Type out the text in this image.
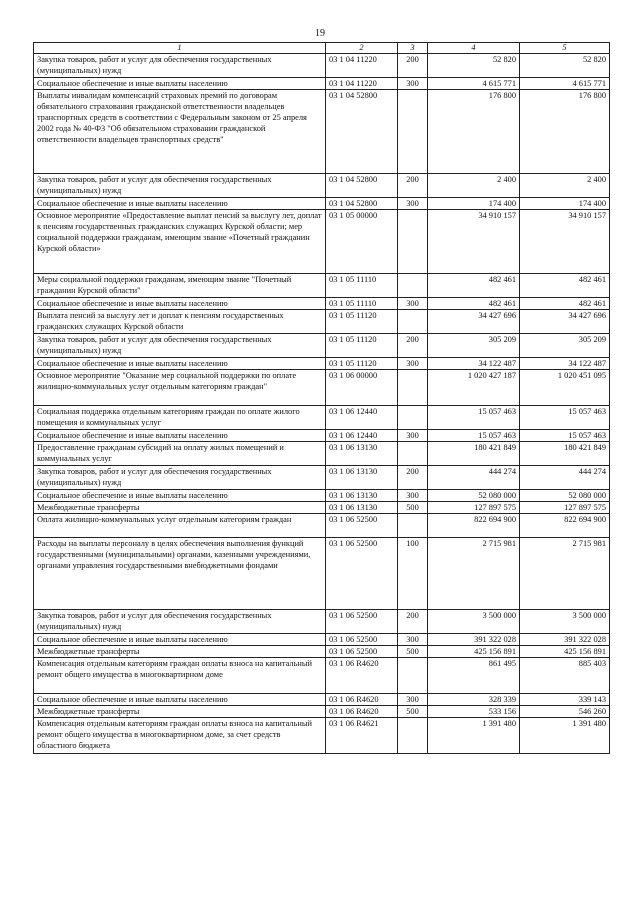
19
1	2	3	4	5
Закупка товаров, работ и услуг для обеспечения государственных (муниципальных) нужд	03 1 04 11220	200	52 820	52 820
Социальное обеспечение и иные выплаты населению	03 1 04 11220	300	4 615 771	4 615 771
Выплаты инвалидам компенсаций страховых премий по договорам обязательного страхования гражданской ответственности владельцев транспортных средств в соответствии с Федеральным законом от 25 апреля 2002 года № 40-ФЗ "Об обязательном страховании гражданской ответственности владельцев транспортных средств"	03 1 04 52800		176 800	176 800
Закупка товаров, работ и услуг для обеспечения государственных (муниципальных) нужд	03 1 04 52800	200	2 400	2 400
Социальное обеспечение и иные выплаты населению	03 1 04 52800	300	174 400	174 400
Основное мероприятие «Предоставление выплат пенсий за выслугу лет, доплат к пенсиям государственных гражданских служащих Курской области; мер социальной поддержки гражданам, имеющим звание «Почетный гражданин Курской области»	03 1 05 00000		34 910 157	34 910 157
Меры социальной поддержки гражданам, имеющим звание "Почетный гражданин Курской области"	03 1 05 11110		482 461	482 461
Социальное обеспечение и иные выплаты населению	03 1 05 11110	300	482 461	482 461
Выплата пенсий за выслугу лет и доплат к пенсиям государственных гражданских служащих Курской области	03 1 05 11120		34 427 696	34 427 696
Закупка товаров, работ и услуг для обеспечения государственных (муниципальных) нужд	03 1 05 11120	200	305 209	305 209
Социальное обеспечение и иные выплаты населению	03 1 05 11120	300	34 122 487	34 122 487
Основное мероприятие "Оказание мер социальной поддержки по оплате жилищно-коммунальных услуг отдельным категориям граждан"	03 1 06 00000		1 020 427 187	1 020 451 095
Социальная поддержка отдельным категориям граждан по оплате жилого помещения и коммунальных услуг	03 1 06 12440		15 057 463	15 057 463
Социальное обеспечение и иные выплаты населению	03 1 06 12440	300	15 057 463	15 057 463
Предоставление гражданам субсидий на оплату жилых помещений и коммунальных услуг	03 1 06 13130		180 421 849	180 421 849
Закупка товаров, работ и услуг для обеспечения государственных (муниципальных) нужд	03 1 06 13130	200	444 274	444 274
Социальное обеспечение и иные выплаты населению	03 1 06 13130	300	52 080 000	52 080 000
Межбюджетные трансферты	03 1 06 13130	500	127 897 575	127 897 575
Оплата жилищно-коммунальных услуг отдельным категориям граждан	03 1 06 52500		822 694 900	822 694 900
Расходы на выплаты персоналу в целях обеспечения выполнения функций государственными (муниципальными) органами, казенными учреждениями, органами управления государственными внебюджетными фондами	03 1 06 52500	100	2 715 981	2 715 981
Закупка товаров, работ и услуг для обеспечения государственных (муниципальных) нужд	03 1 06 52500	200	3 500 000	3 500 000
Социальное обеспечение и иные выплаты населению	03 1 06 52500	300	391 322 028	391 322 028
Межбюджетные трансферты	03 1 06 52500	500	425 156 891	425 156 891
Компенсация отдельным категориям граждан оплаты взноса на капитальный ремонт общего имущества в многоквартирном доме	03 1 06 R4620		861 495	885 403
Социальное обеспечение и иные выплаты населению	03 1 06 R4620	300	328 339	339 143
Межбюджетные трансферты	03 1 06 R4620	500	533 156	546 260
Компенсация отдельным категориям граждан оплаты взноса на капитальный ремонт общего имущества в многоквартирном доме, за счет средств областного бюджета	03 1 06 R4621		1 391 480	1 391 480
